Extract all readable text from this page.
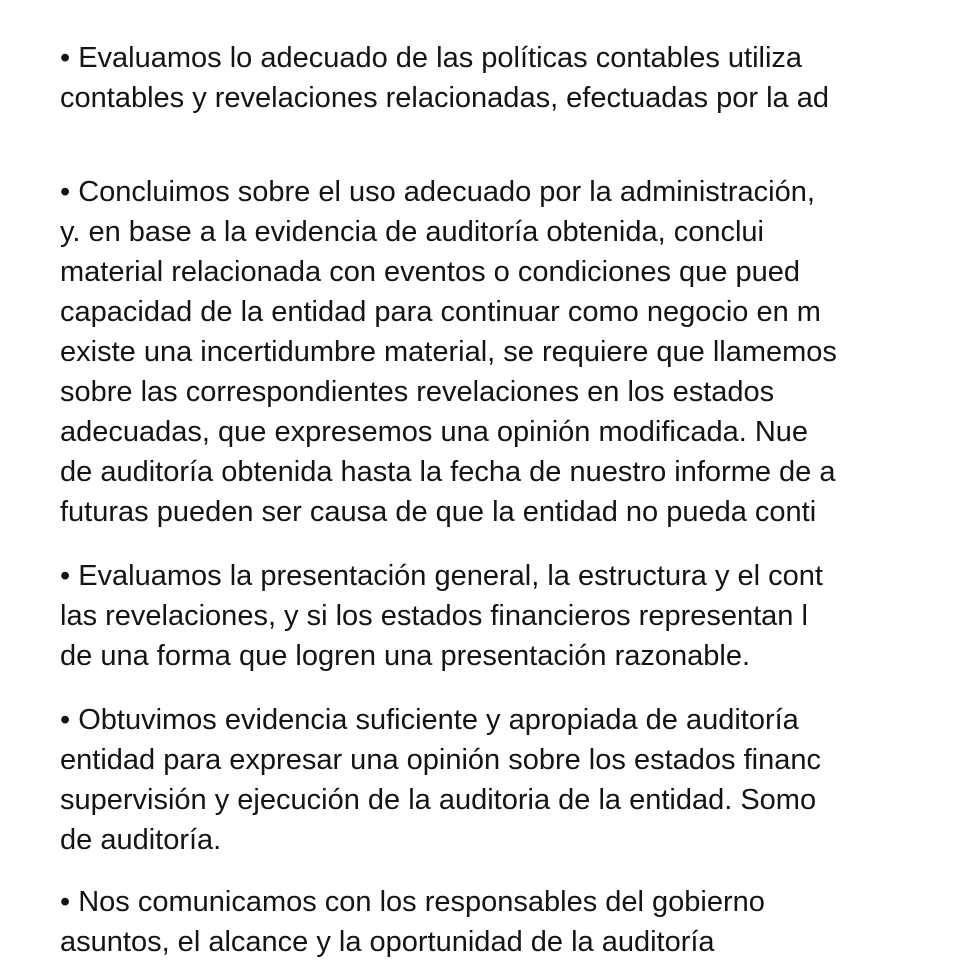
• Evaluamos lo adecuado de las políticas contables utiliza
contables y revelaciones relacionadas, efectuadas por la ad
• Concluimos sobre el uso adecuado por la administración,
y. en base a la evidencia de auditoría obtenida, conclui
material relacionada con eventos o condiciones que pued
capacidad de la entidad para continuar como negocio en m
existe una incertidumbre material, se requiere que llamemos
sobre las correspondientes revelaciones en los estados
adecuadas, que expresemos una opinión modificada. Nue
de auditoría obtenida hasta la fecha de nuestro informe de a
futuras pueden ser causa de que la entidad no pueda conti
• Evaluamos la presentación general, la estructura y el cont
las revelaciones, y si los estados financieros representan l
de una forma que logren una presentación razonable.
• Obtuvimos evidencia suficiente y apropiada de auditoría
entidad para expresar una opinión sobre los estados financ
supervisión y ejecución de la auditoria de la entidad. Somo
de auditoría.
• Nos comunicamos con los responsables del gobierno
asuntos, el alcance y la oportunidad de la auditoría
